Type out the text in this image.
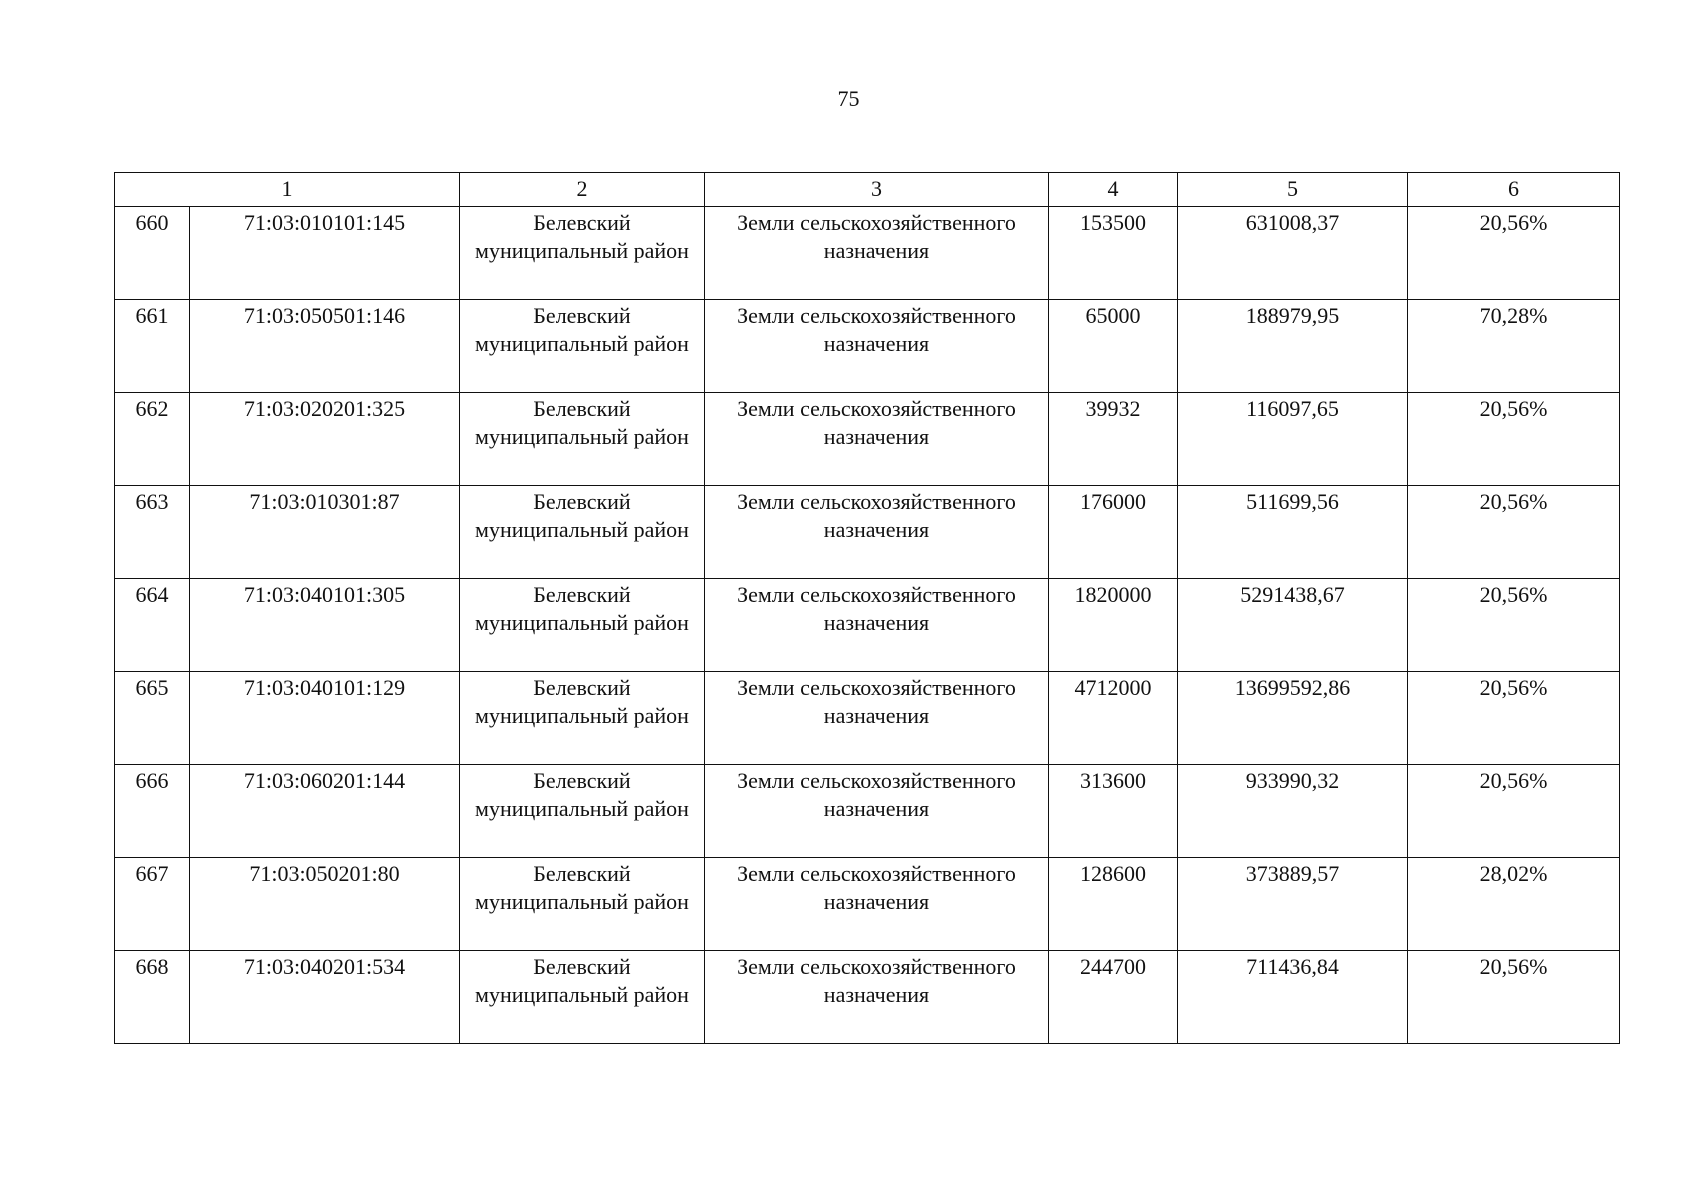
75
1		2	3	4	5	6
660	71:03:010101:145	Белевский муниципальный район	Земли сельскохозяйственного назначения	153500	631008,37	20,56%
661	71:03:050501:146	Белевский муниципальный район	Земли сельскохозяйственного назначения	65000	188979,95	70,28%
662	71:03:020201:325	Белевский муниципальный район	Земли сельскохозяйственного назначения	39932	116097,65	20,56%
663	71:03:010301:87	Белевский муниципальный район	Земли сельскохозяйственного назначения	176000	511699,56	20,56%
664	71:03:040101:305	Белевский муниципальный район	Земли сельскохозяйственного назначения	1820000	5291438,67	20,56%
665	71:03:040101:129	Белевский муниципальный район	Земли сельскохозяйственного назначения	4712000	13699592,86	20,56%
666	71:03:060201:144	Белевский муниципальный район	Земли сельскохозяйственного назначения	313600	933990,32	20,56%
667	71:03:050201:80	Белевский муниципальный район	Земли сельскохозяйственного назначения	128600	373889,57	28,02%
668	71:03:040201:534	Белевский муниципальный район	Земли сельскохозяйственного назначения	244700	711436,84	20,56%
